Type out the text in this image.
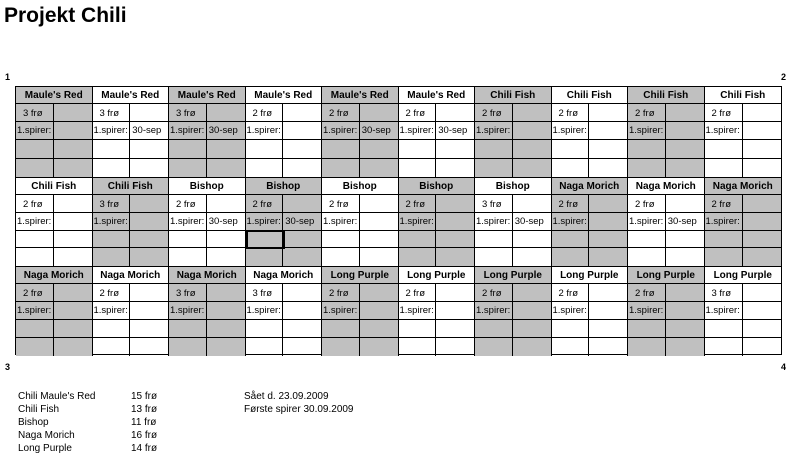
Projekt Chili
1	2
3	4
Maule's Red
3 frø
1.spirer:
Maule's Red
3 frø
1.spirer: 30-sep
Maule's Red
3 frø
1.spirer: 30-sep
Maule's Red
2 frø
1.spirer:
Maule's Red
2 frø
1.spirer: 30-sep
Maule's Red
2 frø
1.spirer: 30-sep
Chili Fish
2 frø
1.spirer:
Chili Fish
2 frø
1.spirer:
Chili Fish
2 frø
1.spirer:
Chili Fish
2 frø
1.spirer:
Chili Fish
2 frø
1.spirer:
Chili Fish
3 frø
1.spirer:
Bishop
2 frø
1.spirer: 30-sep
Bishop
2 frø
1.spirer: 30-sep
Bishop
2 frø
1.spirer:
Bishop
2 frø
1.spirer:
Bishop
3 frø
1.spirer: 30-sep
Naga Morich
2 frø
1.spirer:
Naga Morich
2 frø
1.spirer: 30-sep
Naga Morich
2 frø
1.spirer:
Naga Morich
2 frø
1.spirer:
Naga Morich
2 frø
1.spirer:
Naga Morich
3 frø
1.spirer:
Naga Morich
3 frø
1.spirer:
Long Purple
2 frø
1.spirer:
Long Purple
2 frø
1.spirer:
Long Purple
2 frø
1.spirer:
Long Purple
2 frø
1.spirer:
Long Purple
2 frø
1.spirer:
Long Purple
3 frø
1.spirer:
Chili Maule's Red	15 frø
Chili Fish	13 frø
Bishop	11 frø
Naga Morich	16 frø
Long Purple	14 frø
Sået d. 23.09.2009
Første spirer 30.09.2009
